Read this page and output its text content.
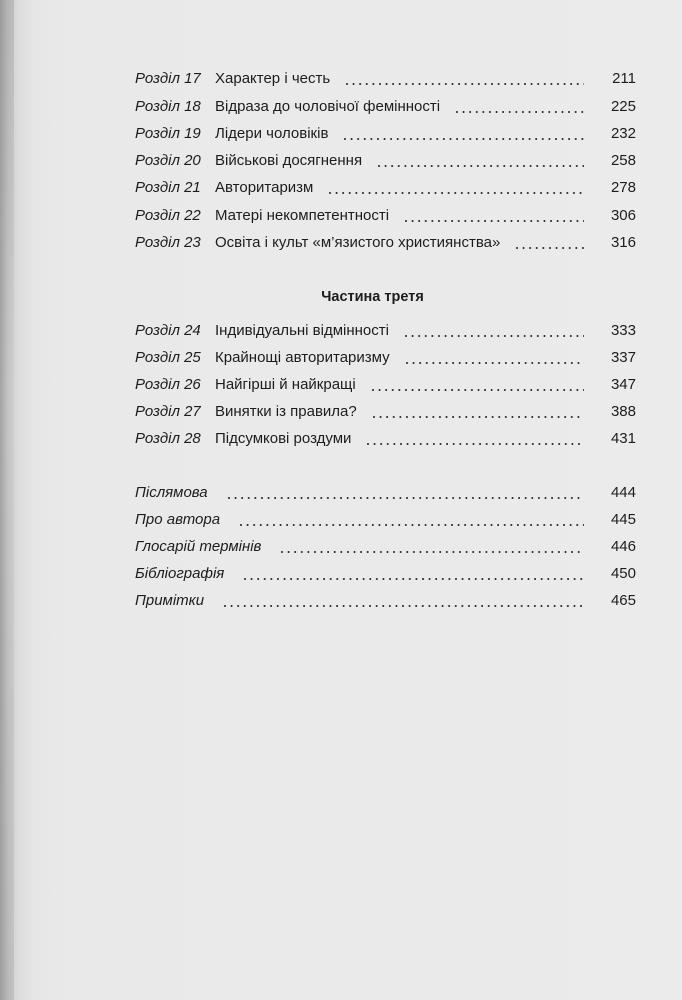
Розділ 17 Характер і честь	211
Розділ 18 Відраза до чоловічої фемінності	225
Розділ 19 Лідери чоловіків	232
Розділ 20 Військові досягнення	258
Розділ 21 Авторитаризм	278
Розділ 22 Матері некомпетентності	306
Розділ 23 Освіта і культ «м’язистого християнства»	316
Частина третя
Розділ 24 Індивідуальні відмінності	333
Розділ 25 Крайнощі авторитаризму	337
Розділ 26 Найгірші й найкращі	347
Розділ 27 Винятки із правила?	388
Розділ 28 Підсумкові роздуми	431
Післямова	444
Про автора	445
Глосарій термінів	446
Бібліографія	450
Примітки	465
